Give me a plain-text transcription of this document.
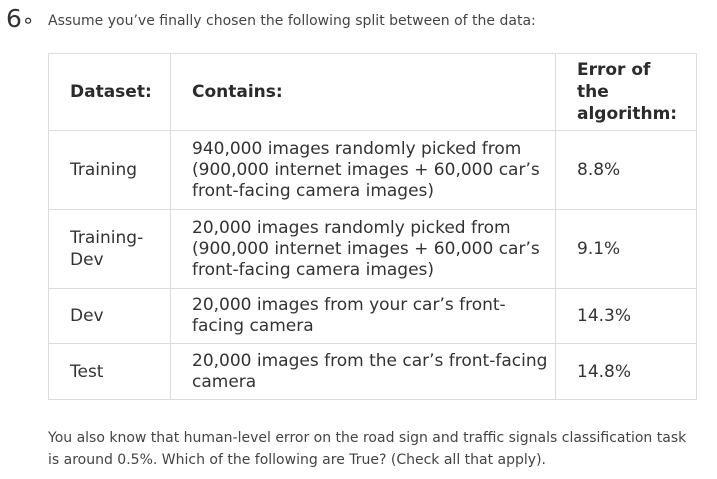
6∘ Assume you’ve finally chosen the following split between of the data:
Dataset:	Contains:	Error of the algorithm:

Training	940,000 images randomly picked from (900,000 internet images + 60,000 car’s front-facing camera images)	8.8%

Training-Dev	20,000 images randomly picked from (900,000 internet images + 60,000 car’s front-facing camera images)	9.1%

Dev	20,000 images from your car’s front-facing camera	14.3%

Test	20,000 images from the car’s front-facing camera	14.8%
You also know that human-level error on the road sign and traffic signals classification task is around 0.5%. Which of the following are True? (Check all that apply).
